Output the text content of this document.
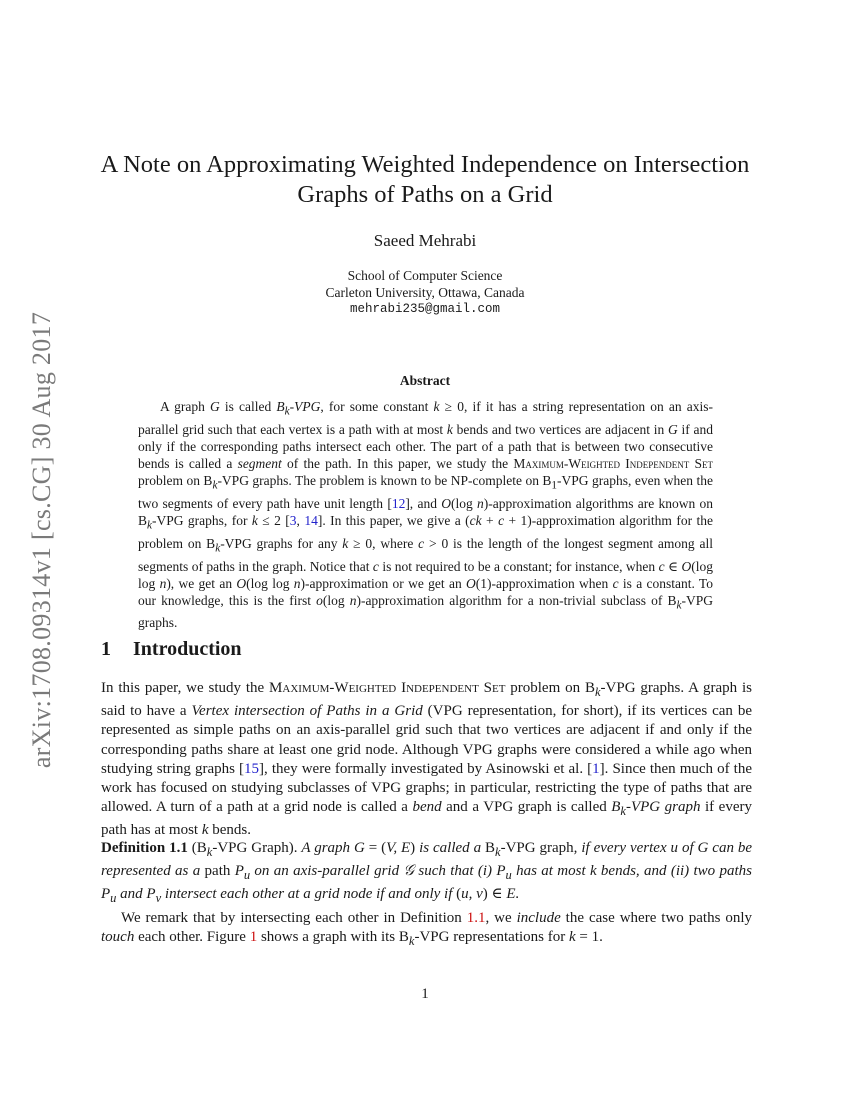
arXiv:1708.09314v1 [cs.CG] 30 Aug 2017
A Note on Approximating Weighted Independence on Intersection Graphs of Paths on a Grid
Saeed Mehrabi
School of Computer Science
Carleton University, Ottawa, Canada
mehrabi235@gmail.com
Abstract

A graph G is called $B_k$-VPG, for some constant k ≥ 0, if it has a string representation on an axis-parallel grid such that each vertex is a path with at most k bends and two vertices are adjacent in G if and only if the corresponding paths intersect each other. The part of a path that is between two consecutive bends is called a segment of the path. In this paper, we study the Maximum-Weighted Independent Set problem on $B_k$-VPG graphs. The problem is known to be NP-complete on $B_1$-VPG graphs, even when the two segments of every path have unit length [12], and O(log n)-approximation algorithms are known on $B_k$-VPG graphs, for k ≤ 2 [3, 14]. In this paper, we give a (ck + c + 1)-approximation algorithm for the problem on $B_k$-VPG graphs for any k ≥ 0, where c > 0 is the length of the longest segment among all segments of paths in the graph. Notice that c is not required to be a constant; for instance, when c ∈ O(log log n), we get an O(log log n)-approximation or we get an O(1)-approximation when c is a constant. To our knowledge, this is the first o(log n)-approximation algorithm for a non-trivial subclass of $B_k$-VPG graphs.

1 Introduction

In this paper, we study the Maximum-Weighted Independent Set problem on $B_k$-VPG graphs. A graph is said to have a Vertex intersection of Paths in a Grid (VPG representation, for short), if its vertices can be represented as simple paths on an axis-parallel grid such that two vertices are adjacent if and only if the corresponding paths share at least one grid node. Although VPG graphs were considered a while ago when studying string graphs [15], they were formally investigated by Asinowski et al. [1]. Since then much of the work has focused on studying subclasses of VPG graphs; in particular, restricting the type of paths that are allowed. A turn of a path at a grid node is called a bend and a VPG graph is called $B_k$-VPG graph if every path has at most k bends.

Definition 1.1 ($B_k$-VPG Graph). A graph G = (V, E) is called a $B_k$-VPG graph, if every vertex u of G can be represented as a path $P_u$ on an axis-parallel grid 𝒢 such that (i) $P_u$ has at most k bends, and (ii) two paths $P_u$ and $P_v$ intersect each other at a grid node if and only if (u, v) ∈ E.

We remark that by intersecting each other in Definition 1.1, we include the case where two paths only touch each other. Figure 1 shows a graph with its $B_k$-VPG representations for k = 1.

1
